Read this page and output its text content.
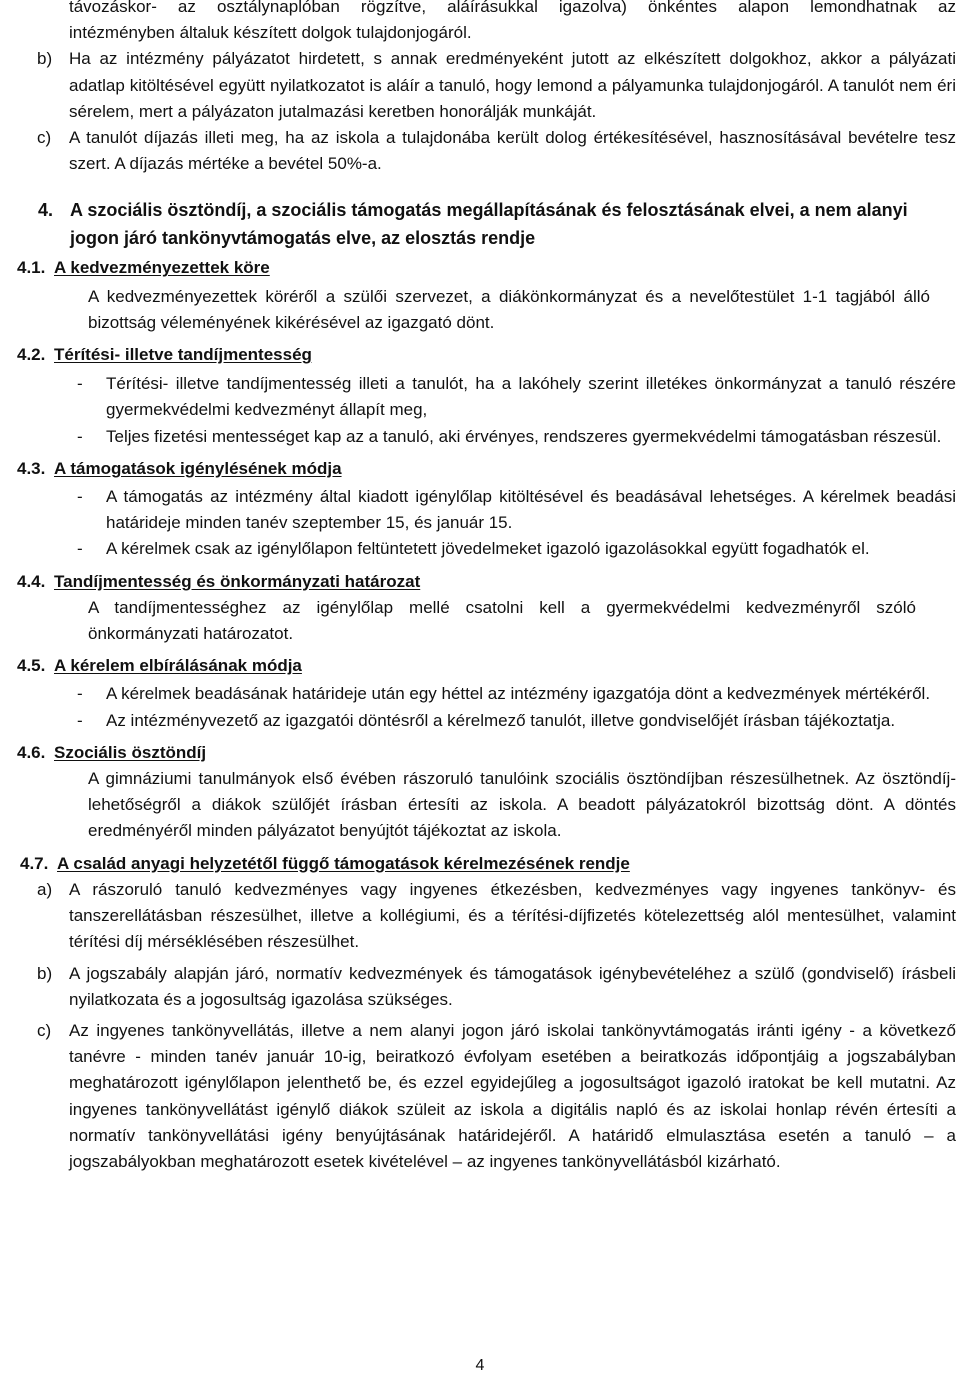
távozáskor- az osztálynaplóban rögzítve, aláírásukkal igazolva) önkéntes alapon lemondhatnak az

intézményben általuk készített dolgok tulajdonjogáról.

b) Ha az intézmény pályázatot hirdetett, s annak eredményeként jutott az elkészített dolgokhoz, akkor a pályázati adatlap kitöltésével együtt nyilatkozatot is aláír a tanuló, hogy lemond a pályamunka tulajdonjogáról. A tanulót nem éri sérelem, mert a pályázaton jutalmazási keretben honorálják munkáját.
c)	A tanulót díjazás illeti meg, ha az iskola a tulajdonába került dolog értékesítésével, hasznosításával bevételre tesz szert. A díjazás mértéke a bevétel 50%-a.
4. A szociális ösztöndíj, a szociális támogatás megállapításának és felosztásának elvei, a nem alanyi jogon járó tankönyvtámogatás elve, az elosztás rendje
4.1. A kedvezményezettek köre

A kedvezményezettek köréről a szülői szervezet, a diákönkormányzat és a nevelőtestület 1-1 tagjából álló bizottság véleményének kikérésével az igazgató dönt.

4.2. Térítési- illetve tandíjmentesség
-	Térítési- illetve tandíjmentesség illeti a tanulót, ha a lakóhely szerint illetékes önkormányzat a tanuló részére gyermekvédelmi kedvezményt állapít meg,
-	Teljes fizetési mentességet kap az a tanuló, aki érvényes, rendszeres gyermekvédelmi támogatásban részesül.
4.3. A támogatások igénylésének módja
-	A támogatás az intézmény által kiadott igénylőlap kitöltésével és beadásával lehetséges. A kérelmek beadási határideje minden tanév szeptember 15, és január 15.
-	A kérelmek csak az igénylőlapon feltüntetett jövedelmeket igazoló igazolásokkal együtt fogadhatók el.
4.4. Tandíjmentesség és önkormányzati határozat

A tandíjmentességhez az igénylőlap mellé csatolni kell a gyermekvédelmi kedvezményről szóló önkormányzati határozatot.

4.5. A kérelem elbírálásának módja
-	A kérelmek beadásának határideje után egy héttel az intézmény igazgatója dönt a kedvezmények mértékéről.
-	Az intézményvezető az igazgatói döntésről a kérelmező tanulót, illetve gondviselőjét írásban tájékoztatja.
4.6. Szociális ösztöndíj

A gimnáziumi tanulmányok első évében rászoruló tanulóink szociális ösztöndíjban részesülhetnek. Az ösztöndíj-lehetőségről a diákok szülőjét írásban értesíti az iskola. A beadott pályázatokról bizottság dönt. A döntés eredményéről minden pályázatot benyújtót tájékoztat az iskola.

4.7. A család anyagi helyzetétől függő támogatások kérelmezésének rendje
a) A rászoruló tanuló kedvezményes vagy ingyenes étkezésben, kedvezményes vagy ingyenes tankönyv- és tanszerellátásban részesülhet, illetve a kollégiumi, és a térítési-díjfizetés kötelezettség alól mentesülhet, valamint térítési díj mérséklésében részesülhet.
b) A jogszabály alapján járó, normatív kedvezmények és támogatások igénybevételéhez a szülő (gondviselő) írásbeli nyilatkozata és a jogosultság igazolása szükséges.
c)	Az ingyenes tankönyvellátás, illetve a nem alanyi jogon járó iskolai tankönyvtámogatás iránti igény - a következő tanévre - minden tanév január 10-ig, beiratkozó évfolyam esetében a beiratkozás időpontjáig a jogszabályban meghatározott igénylőlapon jelenthető be, és ezzel egyidejűleg a jogosultságot igazoló iratokat be kell mutatni. Az ingyenes tankönyvellátást igénylő diákok szüleit az iskola a digitális napló és az iskolai honlap révén értesíti a normatív tankönyvellátási igény benyújtásának határidejéről. A határidő elmulasztása esetén a tanuló – a jogszabályokban meghatározott esetek kivételével – az ingyenes tankönyvellátásból kizárható.
4
